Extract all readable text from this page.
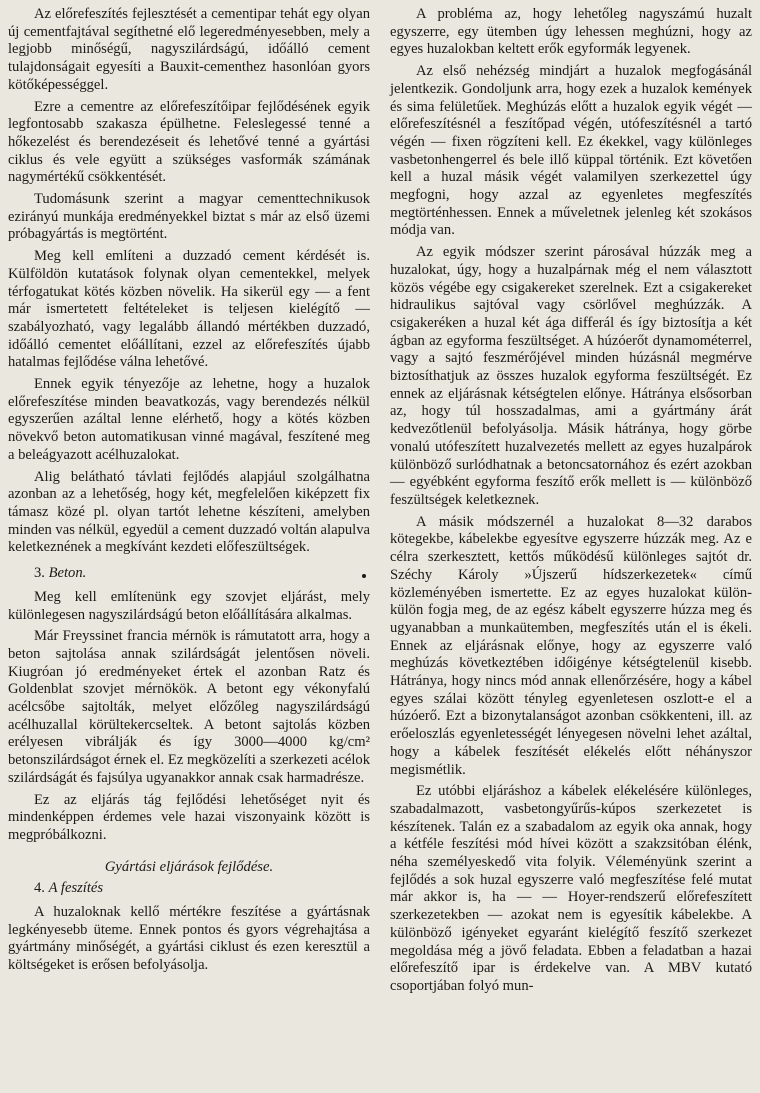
Az előrefeszítés fejlesztését a cementipar tehát egy olyan új cementfajtával segíthetné elő legeredményesebben, mely a legjobb minőségű, nagyszilárdságú, időálló cement tulajdonságait egyesíti a Bauxit-cementhez hasonlóan gyors kötőképességgel.

Ezre a cementre az előrefeszítőipar fejlődésének egyik legfontosabb szakasza épülhetne. Feleslegessé tenné a hőkezelést és berendezéseit és lehetővé tenné a gyártási ciklus és vele együtt a szükséges vasformák számának nagymértékű csökkentését.

Tudomásunk szerint a magyar cementtechnikusok ezirányú munkája eredményekkel biztat s már az első üzemi próbagyártás is megtörtént.

Meg kell említeni a duzzadó cement kérdését is. Külföldön kutatások folynak olyan cementekkel, melyek térfogatukat kötés közben növelik. Ha sikerül egy — a fent már ismertetett feltételeket is teljesen kielégítő — szabályozható, vagy legalább állandó mértékben duzzadó, időálló cementet előállítani, ezzel az előrefeszítés újabb hatalmas fejlődése válna lehetővé.

Ennek egyik tényezője az lehetne, hogy a huzalok előrefeszítése minden beavatkozás, vagy berendezés nélkül egyszerűen azáltal lenne elérhető, hogy a kötés közben növekvő beton automatikusan vinné magával, feszítené meg a beleágyazott acélhuzalokat.

Alig belátható távlati fejlődés alapjául szolgálhatna azonban az a lehetőség, hogy két, megfelelően kiképzett fix támasz közé pl. olyan tartót lehetne készíteni, amelyben minden vas nélkül, egyedül a cement duzzadó voltán alapulva keletkeznének a megkívánt kezdeti előfeszültségek.

3. Beton.

Meg kell említenünk egy szovjet eljárást, mely különlegesen nagyszilárdságú beton előállítására alkalmas.

Már Freyssinet francia mérnök is rámutatott arra, hogy a beton sajtolása annak szilárdságát jelentősen növeli. Kiugróan jó eredményeket értek el azonban Ratz és Goldenblat szovjet mérnökök. A betont egy vékonyfalú acélcsőbe sajtolták, melyet előzőleg nagyszilárdságú acélhuzallal körültekercseltek. A betont sajtolás közben erélyesen vibrálják és így 3000—4000 kg/cm² betonszilárdságot érnek el. Ez megközelíti a szerkezeti acélok szilárdságát és fajsúlya ugyanakkor annak csak harmadrésze.

Ez az eljárás tág fejlődési lehetőséget nyit és mindenképpen érdemes vele hazai viszonyaink között is megpróbálkozni.

Gyártási eljárások fejlődése.

4. A feszítés

A huzaloknak kellő mértékre feszítése a gyártásnak legkényesebb üteme. Ennek pontos és gyors végrehajtása a gyártmány minőségét, a gyártási ciklust és ezen keresztül a költségeket is erősen befolyásolja.

A probléma az, hogy lehetőleg nagyszámú huzalt egyszerre, egy ütemben úgy lehessen meghúzni, hogy az egyes huzalokban keltett erők egyformák legyenek.

Az első nehézség mindjárt a huzalok megfogásánál jelentkezik. Gondoljunk arra, hogy ezek a huzalok kemények és sima felületűek. Meghúzás előtt a huzalok egyik végét — előrefeszítésnél a feszítőpad végén, utófeszítésnél a tartó végén — fixen rögzíteni kell. Ez ékekkel, vagy különleges vasbetonhengerrel és bele illő küppal történik. Ezt követően kell a huzal másik végét valamilyen szerkezettel úgy megfogni, hogy azzal az egyenletes megfeszítés megtörténhessen. Ennek a műveletnek jelenleg két szokásos módja van.

Az egyik módszer szerint párosával húzzák meg a huzalokat, úgy, hogy a huzalpárnak még el nem választott közös végébe egy csigakereket szerelnek. Ezt a csigakereket hidraulikus sajtóval vagy csörlővel meghúzzák. A csigakeréken a huzal két ága differál és így biztosítja a két ágban az egyforma feszültséget. A húzóerőt dynamométerrel, vagy a sajtó feszmérőjével minden húzásnál megmérve biztosíthatjuk az összes huzalok egyforma feszültségét. Ez ennek az eljárásnak kétségtelen előnye. Hátránya elsősorban az, hogy túl hosszadalmas, ami a gyártmány árát kedvezőtlenül befolyásolja. Másik hátránya, hogy görbe vonalú utófeszített huzalvezetés mellett az egyes huzalpárok különböző surlódhatnak a betoncsatornához és ezért azokban — egyébként egyforma feszítő erők mellett is — különböző feszültségek keletkeznek.

A másik módszernél a huzalokat 8—32 darabos kötegekbe, kábelekbe egyesítve egyszerre húzzák meg. Az e célra szerkesztett, kettős működésű különleges sajtót dr. Széchy Károly »Újszerű hídszerkezetek« című közleményében ismertette. Ez az egyes huzalokat külön-külön fogja meg, de az egész kábelt egyszerre húzza meg és ugyanabban a munkaütemben, megfeszítés után el is ékeli. Ennek az eljárásnak előnye, hogy az egyszerre való meghúzás következtében időigénye kétségtelenül kisebb. Hátránya, hogy nincs mód annak ellenőrzésére, hogy a kábel egyes szálai között tényleg egyenletesen oszlott-e el a húzóerő. Ezt a bizonytalanságot azonban csökkenteni, ill. az erőeloszlás egyenletességét lényegesen növelni lehet azáltal, hogy a kábelek feszítését elékelés előtt néhányszor megismétlik.

Ez utóbbi eljáráshoz a kábelek elékelésére különleges, szabadalmazott, vasbetongyűrűs-kúpos szerkezetet is készítenek. Talán ez a szabadalom az egyik oka annak, hogy a kétféle feszítési mód hívei között a szakzsitóban élénk, néha személyeskedő vita folyik. Véleményünk szerint a fejlődés a sok huzal egyszerre való megfeszítése felé mutat már akkor is, ha — — Hoyer-rendszerű előrefeszített szerkezetekben — azokat nem is egyesítik kábelekbe. A különböző igényeket egyaránt kielégítő feszítő szerkezet megoldása még a jövő feladata. Ebben a feladatban a hazai előrefeszítő ipar is érdekelve van. A MBV kutató csoportjában folyó mun-
